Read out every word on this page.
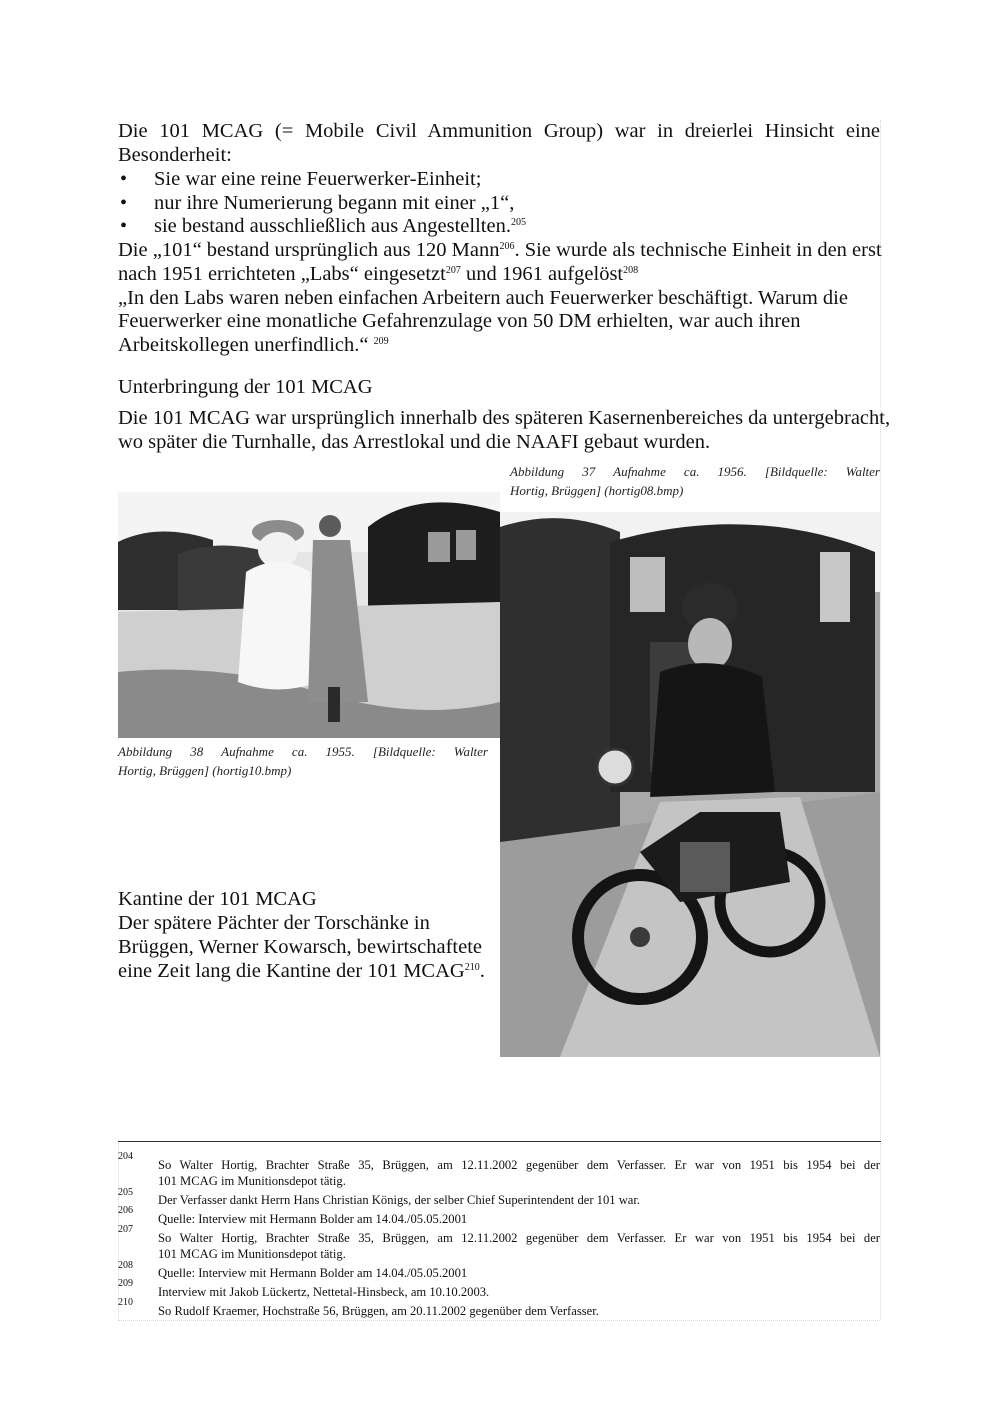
Die 101 MCAG (= Mobile Civil Ammunition Group) war in dreierlei Hinsicht eine
Besonderheit:
• Sie war eine reine Feuerwerker-Einheit;
• nur ihre Numerierung begann mit einer „1“,
• sie bestand ausschließlich aus Angestellten.$^{205}$
Die „101“ bestand ursprünglich aus 120 Mann$^{206}$. Sie wurde als technische Einheit in den erst
nach 1951 errichteten „Labs“ eingesetzt$^{207}$ und 1961 aufgelöst$^{208}$
„In den Labs waren neben einfachen Arbeitern auch Feuerwerker beschäftigt. Warum die
Feuerwerker eine monatliche Gefahrenzulage von 50 DM erhielten, war auch ihren
Arbeitskollegen unerfindlich.“ $^{209}$
Unterbringung der 101 MCAG
Die 101 MCAG war ursprünglich innerhalb des späteren Kasernenbereiches da untergebracht,
wo später die Turnhalle, das Arrestlokal und die NAAFI gebaut wurden.
Abbildung 37 Aufnahme ca. 1956. [Bildquelle: Walter
Hortig, Brüggen] (hortig08.bmp)
Abbildung 38 Aufnahme ca. 1955. [Bildquelle: Walter
Hortig, Brüggen] (hortig10.bmp)
Kantine der 101 MCAG
Der spätere Pächter der Torschänke in
Brüggen, Werner Kowarsch, bewirtschaftete
eine Zeit lang die Kantine der 101 MCAG$^{210}$.
204
So Walter Hortig, Brachter Straße 35, Brüggen, am 12.11.2002 gegenüber dem Verfasser. Er war von 1951 bis 1954 bei der
101 MCAG im Munitionsdepot tätig.
205
Der Verfasser dankt Herrn Hans Christian Königs, der selber Chief Superintendent der 101 war.
206
Quelle: Interview mit Hermann Bolder am 14.04./05.05.2001
207
So Walter Hortig, Brachter Straße 35, Brüggen, am 12.11.2002 gegenüber dem Verfasser. Er war von 1951 bis 1954 bei der
101 MCAG im Munitionsdepot tätig.
208
Quelle: Interview mit Hermann Bolder am 14.04./05.05.2001
209
Interview mit Jakob Lückertz, Nettetal-Hinsbeck, am 10.10.2003.
210
So Rudolf Kraemer, Hochstraße 56, Brüggen, am 20.11.2002 gegenüber dem Verfasser.
